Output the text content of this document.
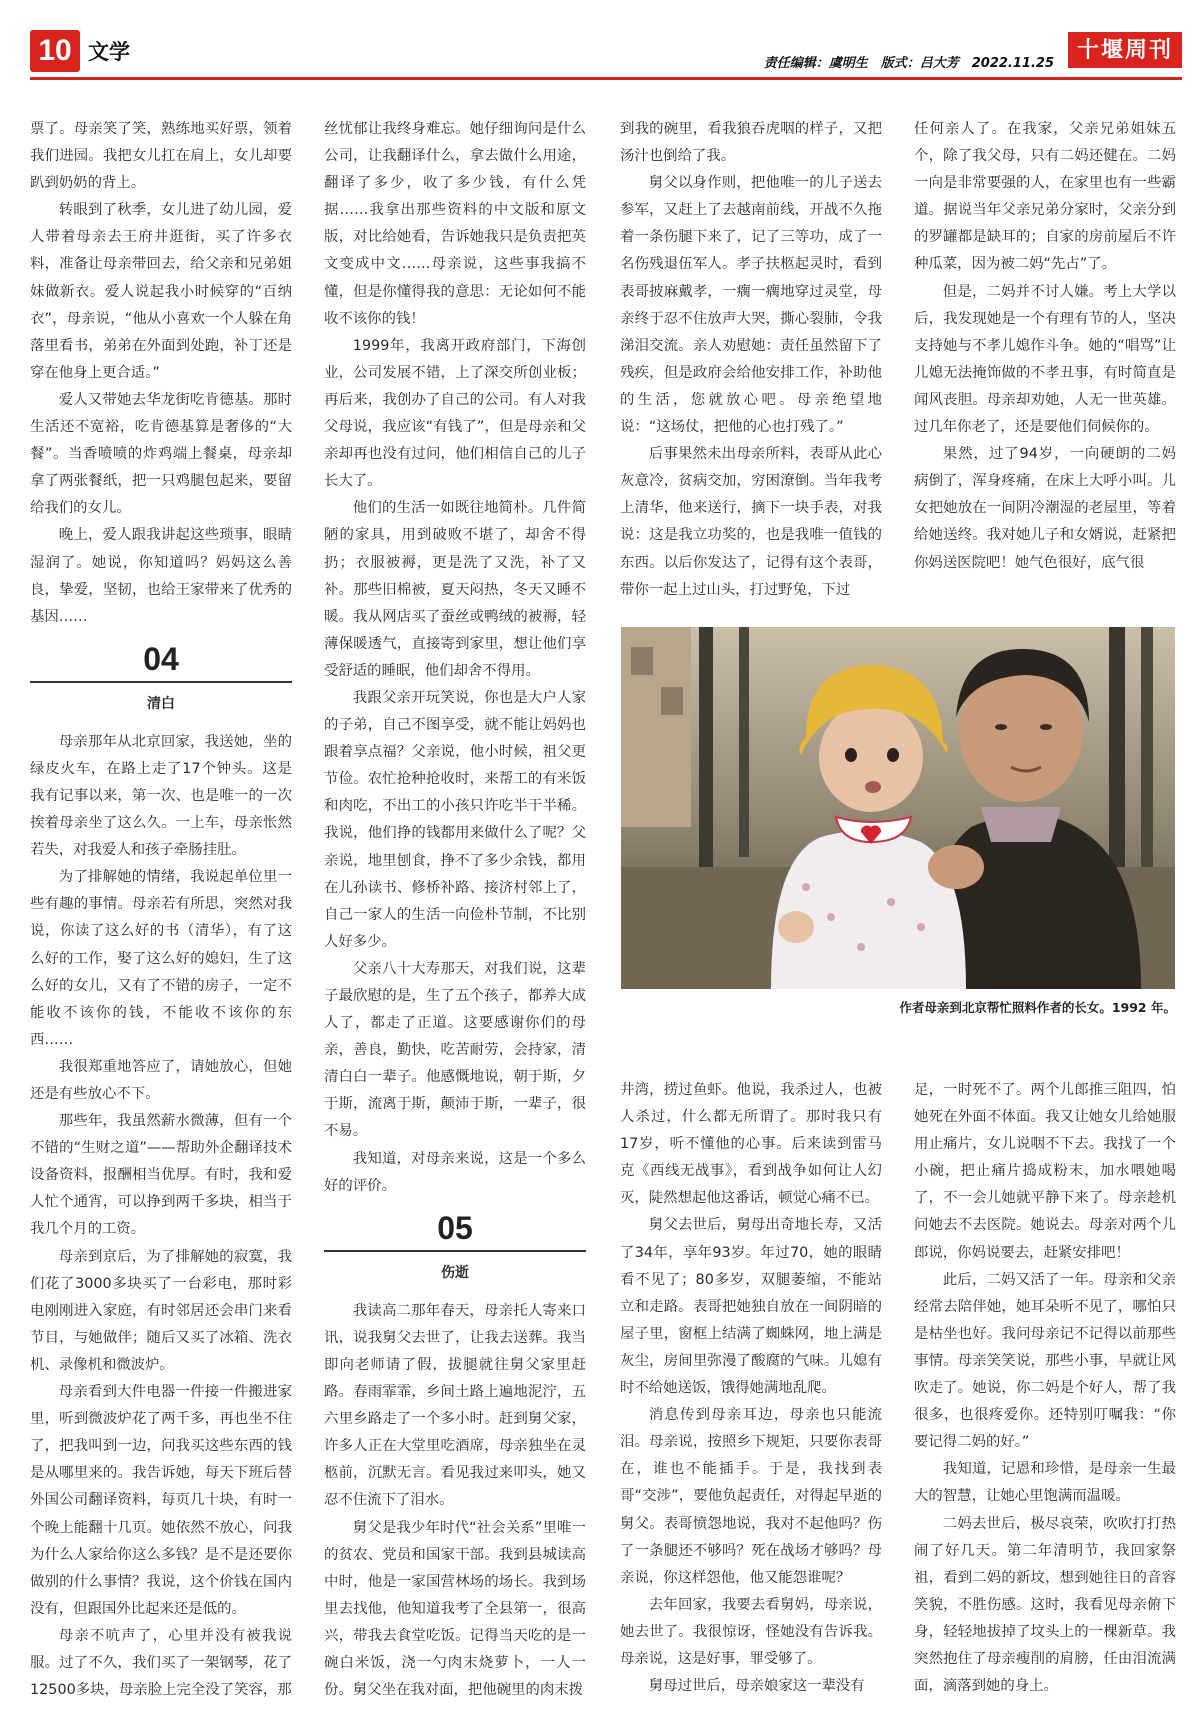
10 文学	责任编辑：虞明生　版式：吕大芳　2022.11.25
十堰周刊

票了。母亲笑了笑，熟练地买好票，领着我们进园。我把女儿扛在肩上，女儿却要趴到奶奶的背上。

转眼到了秋季，女儿进了幼儿园，爱人带着母亲去王府井逛街，买了许多衣料，准备让母亲带回去，给父亲和兄弟姐妹做新衣。爱人说起我小时候穿的“百纳衣”，母亲说，“他从小喜欢一个人躲在角落里看书，弟弟在外面到处跑，补丁还是穿在他身上更合适。”

爱人又带她去华龙街吃肯德基。那时生活还不宽裕，吃肯德基算是奢侈的“大餐”。当香喷喷的炸鸡端上餐桌，母亲却拿了两张餐纸，把一只鸡腿包起来，要留给我们的女儿。

晚上，爱人跟我讲起这些琐事，眼睛湿润了。她说，你知道吗？妈妈这么善良，挚爱，坚韧，也给王家带来了优秀的基因……

04
清白

母亲那年从北京回家，我送她，坐的绿皮火车，在路上走了17个钟头。这是我有记事以来，第一次、也是唯一的一次挨着母亲坐了这么久。一上车，母亲怅然若失，对我爱人和孩子牵肠挂肚。

为了排解她的情绪，我说起单位里一些有趣的事情。母亲若有所思，突然对我说，你读了这么好的书（清华），有了这么好的工作，娶了这么好的媳妇，生了这么好的女儿，又有了不错的房子，一定不能收不该你的钱，不能收不该你的东西……

我很郑重地答应了，请她放心，但她还是有些放心不下。

那些年，我虽然薪水微薄，但有一个不错的“生财之道”——帮助外企翻译技术设备资料，报酬相当优厚。有时，我和爱人忙个通宵，可以挣到两千多块，相当于我几个月的工资。

母亲到京后，为了排解她的寂寞，我们花了3000多块买了一台彩电，那时彩电刚刚进入家庭，有时邻居还会串门来看节目，与她做伴；随后又买了冰箱、洗衣机、录像机和微波炉。

母亲看到大件电器一件接一件搬进家里，听到微波炉花了两千多，再也坐不住了，把我叫到一边，问我买这些东西的钱是从哪里来的。我告诉她，每天下班后替外国公司翻译资料，每页几十块，有时一个晚上能翻十几页。她依然不放心，问我为什么人家给你这么多钱？是不是还要你做别的什么事情？我说，这个价钱在国内没有，但跟国外比起来还是低的。

母亲不吭声了，心里并没有被我说服。过了不久，我们买了一架钢琴，花了12500多块，母亲脸上完全没了笑容，那

丝忧郁让我终身难忘。她仔细询问是什么公司，让我翻译什么，拿去做什么用途，翻译了多少，收了多少钱，有什么凭据……我拿出那些资料的中文版和原文版，对比给她看，告诉她我只是负责把英文变成中文……母亲说，这些事我搞不懂，但是你懂得我的意思：无论如何不能收不该你的钱！

1999年，我离开政府部门，下海创业，公司发展不错，上了深交所创业板；再后来，我创办了自己的公司。有人对我父母说，我应该“有钱了”，但是母亲和父亲却再也没有过问，他们相信自己的儿子长大了。

他们的生活一如既往地简朴。几件简陋的家具，用到破败不堪了，却舍不得扔；衣服被褥，更是洗了又洗，补了又补。那些旧棉被，夏天闷热，冬天又睡不暖。我从网店买了蚕丝或鸭绒的被褥，轻薄保暖透气，直接寄到家里，想让他们享受舒适的睡眠，他们却舍不得用。

我跟父亲开玩笑说，你也是大户人家的子弟，自己不图享受，就不能让妈妈也跟着享点福？父亲说，他小时候，祖父更节俭。农忙抢种抢收时，来帮工的有米饭和肉吃，不出工的小孩只许吃半干半稀。我说，他们挣的钱都用来做什么了呢？父亲说，地里刨食，挣不了多少余钱，都用在儿孙读书、修桥补路、接济村邻上了，自己一家人的生活一向俭朴节制，不比别人好多少。

父亲八十大寿那天，对我们说，这辈子最欣慰的是，生了五个孩子，都养大成人了，都走了正道。这要感谢你们的母亲，善良，勤快，吃苦耐劳，会持家，清清白白一辈子。他感慨地说，朝于斯，夕于斯，流离于斯，颠沛于斯，一辈子，很不易。

我知道，对母亲来说，这是一个多么好的评价。

05
伤逝

我读高二那年春天，母亲托人寄来口讯，说我舅父去世了，让我去送葬。我当即向老师请了假，拔腿就往舅父家里赶路。春雨霏霏，乡间土路上遍地泥泞，五六里乡路走了一个多小时。赶到舅父家，许多人正在大堂里吃酒席，母亲独坐在灵柩前，沉默无言。看见我过来叩头，她又忍不住流下了泪水。

舅父是我少年时代“社会关系”里唯一的贫农、党员和国家干部。我到县城读高中时，他是一家国营林场的场长。我到场里去找他，他知道我考了全县第一，很高兴，带我去食堂吃饭。记得当天吃的是一碗白米饭，浇一勺肉末烧萝卜，一人一份。舅父坐在我对面，把他碗里的肉末拨

到我的碗里，看我狼吞虎咽的样子，又把汤汁也倒给了我。

舅父以身作则，把他唯一的儿子送去参军，又赶上了去越南前线，开战不久拖着一条伤腿下来了，记了三等功，成了一名伤残退伍军人。孝子扶柩起灵时，看到表哥披麻戴孝，一瘸一瘸地穿过灵堂，母亲终于忍不住放声大哭，撕心裂肺，令我涕泪交流。亲人劝慰她：责任虽然留下了残疾，但是政府会给他安排工作，补助他的生活，您就放心吧。母亲绝望地说：“这场仗，把他的心也打残了。”

后事果然未出母亲所料，表哥从此心灰意冷，贫病交加，穷困潦倒。当年我考上清华，他来送行，摘下一块手表，对我说：这是我立功奖的，也是我唯一值钱的东西。以后你发达了，记得有这个表哥，带你一起上过山头，打过野兔，下过

任何亲人了。在我家，父亲兄弟姐妹五个，除了我父母，只有二妈还健在。二妈一向是非常要强的人，在家里也有一些霸道。据说当年父亲兄弟分家时，父亲分到的罗罐都是缺耳的；自家的房前屋后不许种瓜菜，因为被二妈“先占”了。

但是，二妈并不讨人嫌。考上大学以后，我发现她是一个有理有节的人，坚决支持她与不孝儿媳作斗争。她的“唱骂”让儿媳无法掩饰做的不孝丑事，有时简直是闻风丧胆。母亲却劝她，人无一世英雄。过几年你老了，还是要他们伺候你的。

果然，过了94岁，一向硬朗的二妈病倒了，浑身疼痛，在床上大呼小叫。儿女把她放在一间阴冷潮湿的老屋里，等着给她送终。我对她儿子和女婿说，赶紧把你妈送医院吧！她气色很好，底气很

作者母亲到北京帮忙照料作者的长女。1992 年。

井湾，捞过鱼虾。他说，我杀过人，也被人杀过，什么都无所谓了。那时我只有17岁，听不懂他的心事。后来读到雷马克《西线无战事》，看到战争如何让人幻灭，陡然想起他这番话，顿觉心痛不已。

舅父去世后，舅母出奇地长寿，又活了34年，享年93岁。年过70，她的眼睛看不见了；80多岁，双腿萎缩，不能站立和走路。表哥把她独自放在一间阴暗的屋子里，窗框上结满了蜘蛛网，地上满是灰尘，房间里弥漫了酸腐的气味。儿媳有时不给她送饭，饿得她满地乱爬。

消息传到母亲耳边，母亲也只能流泪。母亲说，按照乡下规矩，只要你表哥在，谁也不能插手。于是，我找到表哥“交涉”，要他负起责任，对得起早逝的舅父。表哥愤怨地说，我对不起他吗？伤了一条腿还不够吗？死在战场才够吗？母亲说，你这样怨他，他又能怨谁呢？

去年回家，我要去看舅妈，母亲说，她去世了。我很惊讶，怪她没有告诉我。母亲说，这是好事，罪受够了。

舅母过世后，母亲娘家这一辈没有

足，一时死不了。两个儿郎推三阻四，怕她死在外面不体面。我又让她女儿给她服用止痛片，女儿说咽不下去。我找了一个小碗，把止痛片捣成粉末，加水喂她喝了，不一会儿她就平静下来了。母亲趁机问她去不去医院。她说去。母亲对两个儿郎说，你妈说要去，赶紧安排吧！

此后，二妈又活了一年。母亲和父亲经常去陪伴她，她耳朵听不见了，哪怕只是枯坐也好。我问母亲记不记得以前那些事情。母亲笑笑说，那些小事，早就让风吹走了。她说，你二妈是个好人，帮了我很多，也很疼爱你。还特别叮嘱我：“你要记得二妈的好。”

我知道，记恩和珍惜，是母亲一生最大的智慧，让她心里饱满而温暖。

二妈去世后，极尽哀荣，吹吹打打热闹了好几天。第二年清明节，我回家祭祖，看到二妈的新坟，想到她往日的音容笑貌，不胜伤感。这时，我看见母亲俯下身，轻轻地拔掉了坟头上的一棵新草。我突然抱住了母亲瘦削的肩膀，任由泪流满面，滴落到她的身上。
